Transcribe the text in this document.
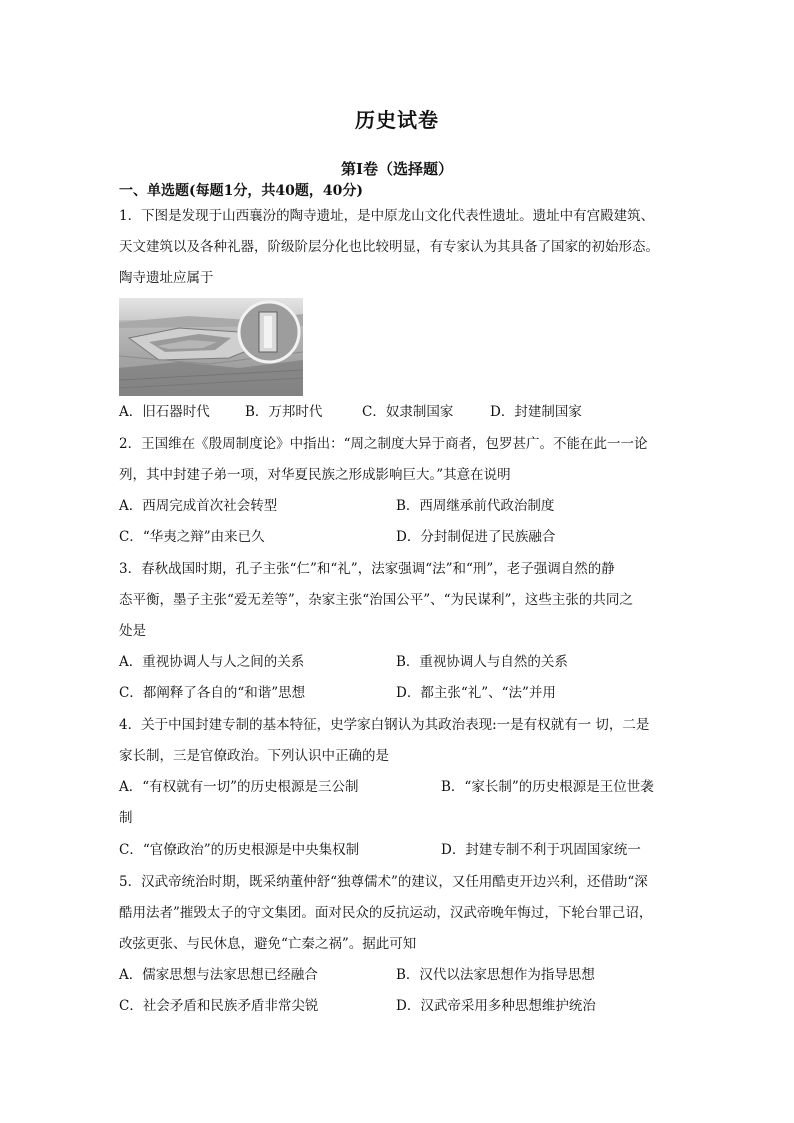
历史试卷
第I卷（选择题）
一、单选题(每题1分，共40题，40分)
1．下图是发现于山西襄汾的陶寺遗址，是中原龙山文化代表性遗址。遗址中有宫殿建筑、
天文建筑以及各种礼器，阶级阶层分化也比较明显，有专家认为其具备了国家的初始形态。
陶寺遗址应属于
A．旧石器时代	B．万邦时代	C．奴隶制国家	D．封建制国家
2．王国维在《殷周制度论》中指出：“周之制度大异于商者，包罗甚广。不能在此一一论
列，其中封建子弟一项，对华夏民族之形成影响巨大。”其意在说明
A．西周完成首次社会转型	B．西周继承前代政治制度
C．“华夷之辩”由来已久	D．分封制促进了民族融合
3．春秋战国时期，孔子主张“仁”和“礼”，法家强调“法”和“刑”，老子强调自然的静
态平衡，墨子主张“爱无差等”，杂家主张“治国公平”、“为民谋利”，这些主张的共同之
处是
A．重视协调人与人之间的关系	B．重视协调人与自然的关系
C．都阐释了各自的“和谐”思想	D．都主张“礼”、“法”并用
4．关于中国封建专制的基本特征，史学家白钢认为其政治表现:一是有权就有一 切，二是
家长制，三是官僚政治。下列认识中正确的是
A．“有权就有一切”的历史根源是三公制	B．“家长制”的历史根源是王位世袭
制
C．“官僚政治”的历史根源是中央集权制	D．封建专制不利于巩固国家统一
5．汉武帝统治时期，既采纳董仲舒“独尊儒术”的建议，又任用酷吏开边兴利，还借助“深
酷用法者”摧毁太子的守文集团。面对民众的反抗运动，汉武帝晚年悔过，下轮台罪己诏，
改弦更张、与民休息，避免“亡秦之祸”。据此可知
A．儒家思想与法家思想已经融合	B．汉代以法家思想作为指导思想
C．社会矛盾和民族矛盾非常尖锐	D．汉武帝采用多种思想维护统治
